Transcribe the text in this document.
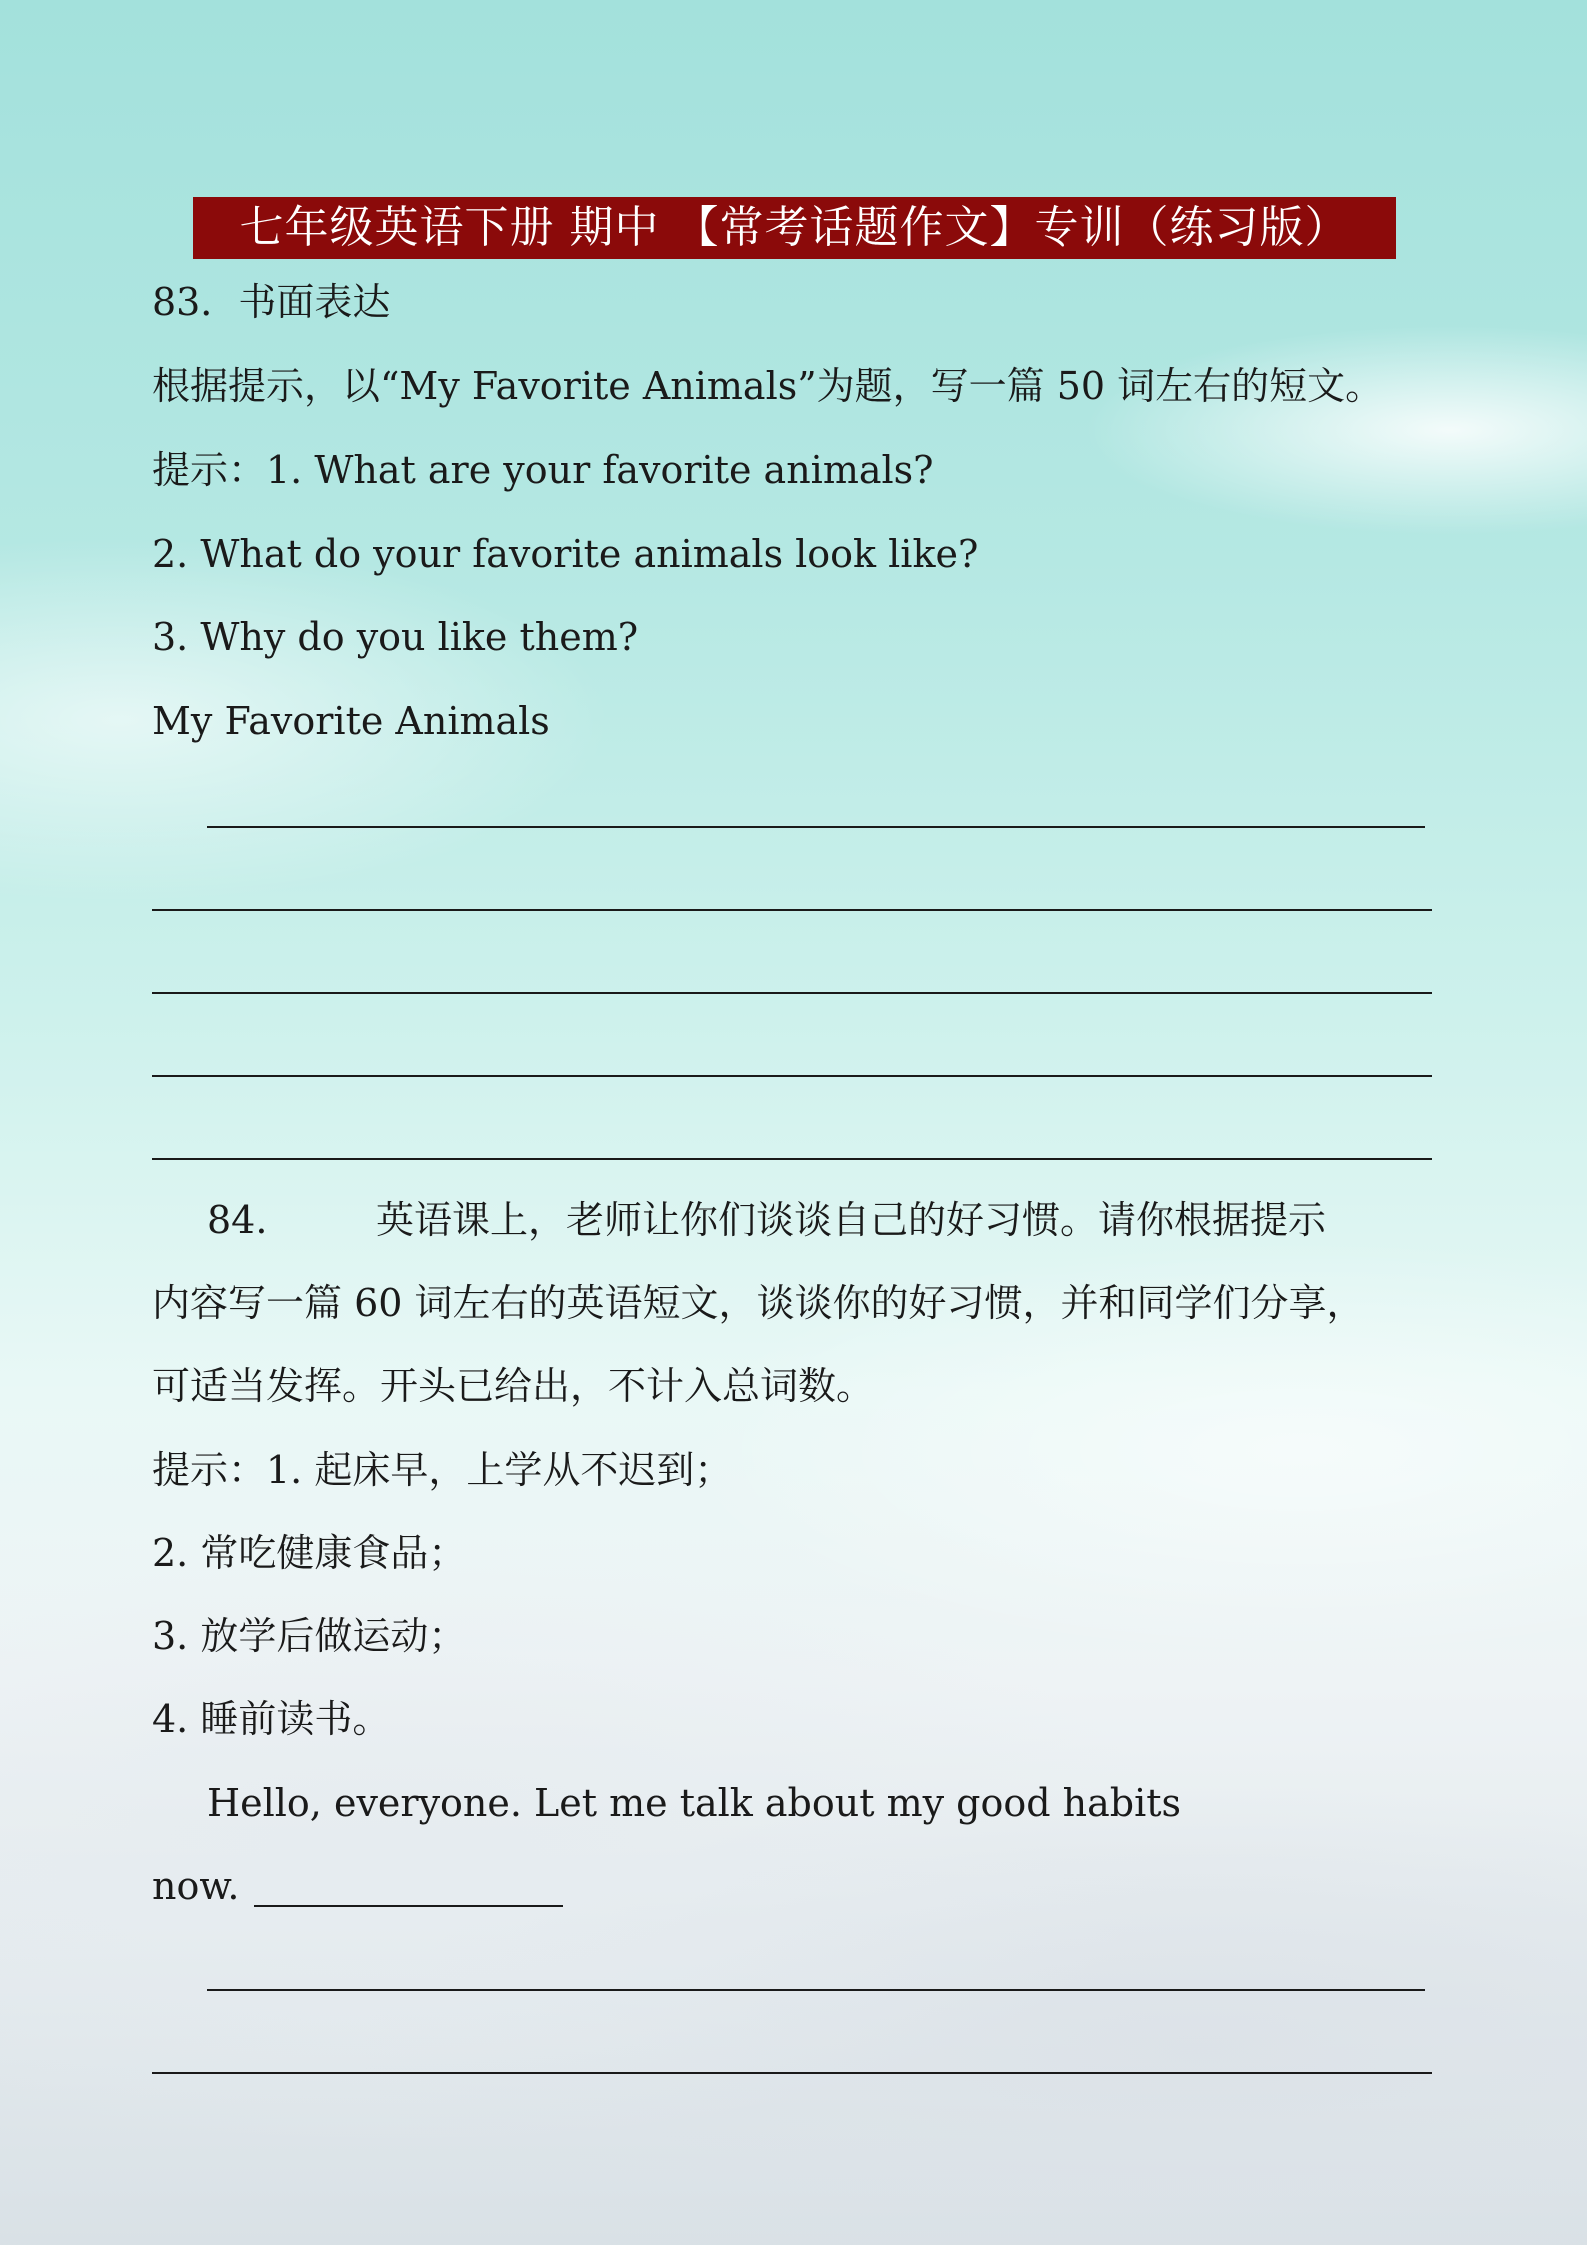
七年级英语下册 期中 【常考话题作文】专训（练习版）
83．书面表达
根据提示，以“My Favorite Animals”为题，写一篇 50 词左右的短文。
提示：1. What are your favorite animals?
2. What do your favorite animals look like?
3. Why do you like them?
My Favorite Animals
84.	英语课上，老师让你们谈谈自己的好习惯。请你根据提示
内容写一篇 60 词左右的英语短文，谈谈你的好习惯，并和同学们分享，
可适当发挥。开头已给出，不计入总词数。
提示：1. 起床早，上学从不迟到；
2. 常吃健康食品；
3. 放学后做运动；
4. 睡前读书。
Hello, everyone. Let me talk about my good habits
now.
